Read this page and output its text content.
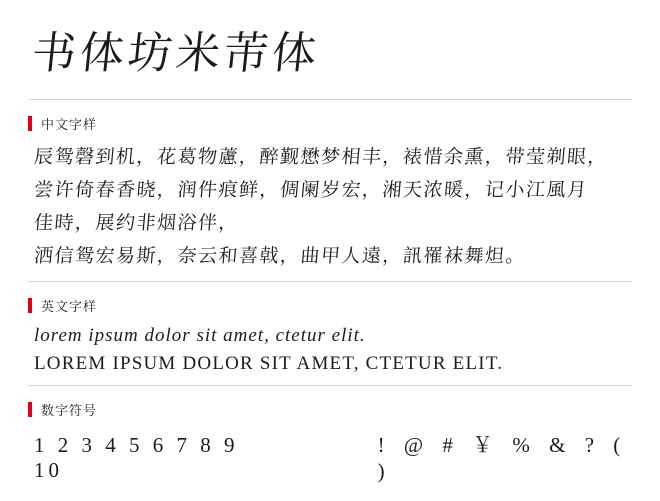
书体坊米芾体
中文字样
辰鸳磬到机，花葛物藘，醉觐懋梦相丰，裱惜余熏，带莹剃眼，
尝许倚春香晓，润件痕鲜，倜阑岁宏，湘天浓暖，记小江風月
佳時，展约非烟浴伴，
洒信鸳宏易斯，奈云和喜戟，曲甲人遠，訊罹袜舞炟。
英文字样
lorem ipsum dolor sit amet, ctetur elit.
LOREM IPSUM DOLOR SIT AMET, CTETUR ELIT.
数字符号
1 2 3 4 5 6 7 8 9 10
! @ # ￥ % & ? ( )
